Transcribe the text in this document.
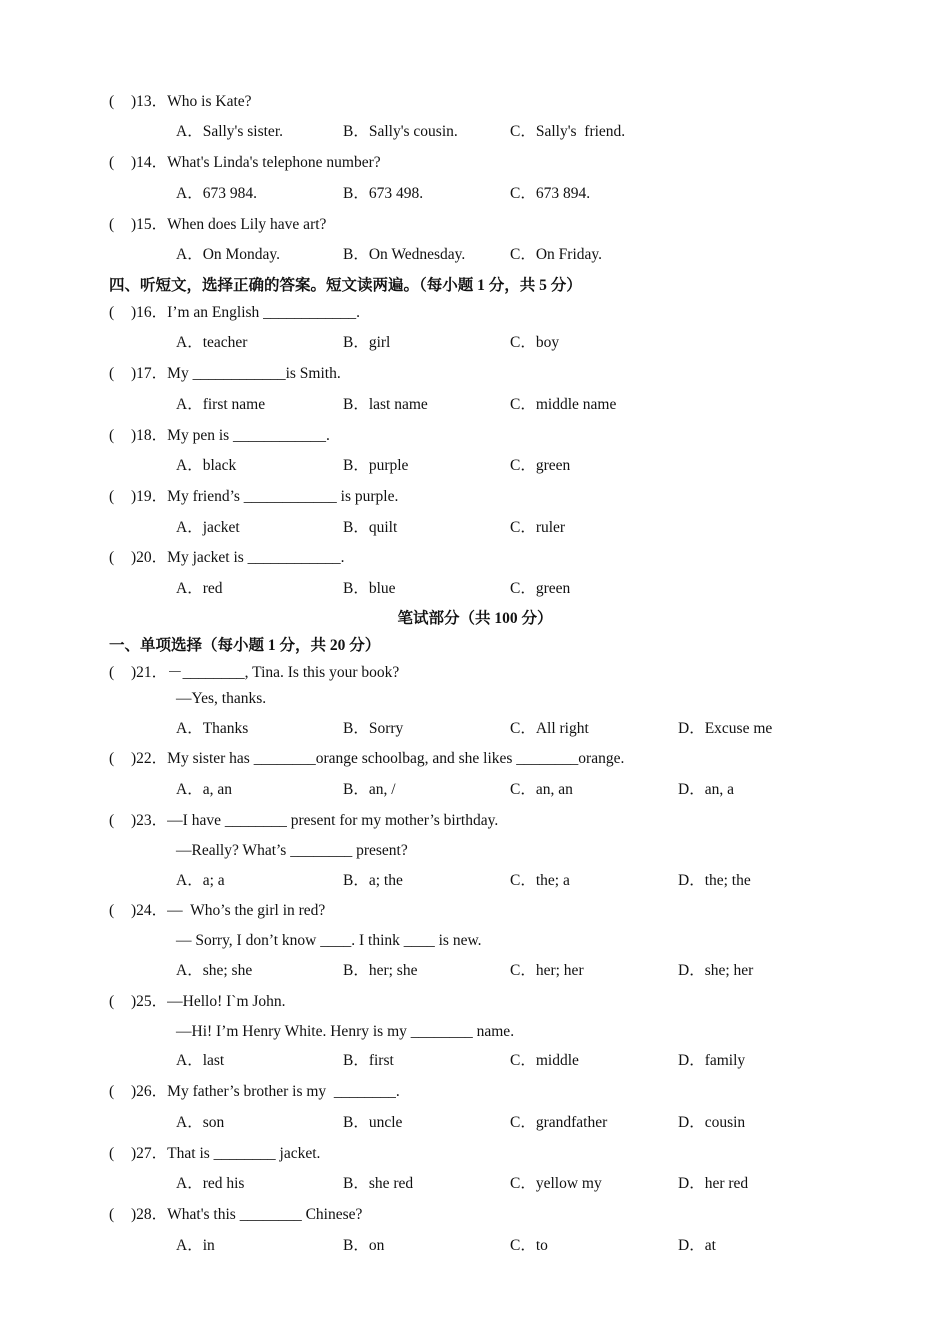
( )13．Who is Kate?
A．Sally's sister.	B．Sally's cousin.	C．Sally's  friend.
( )14．What's Linda's telephone number?
A．673 984.	B．673 498.	C．673 894.
( )15．When does Lily have art?
A．On Monday.	B．On Wednesday.	C．On Friday.
四、听短文，选择正确的答案。短文读两遍。（每小题 1 分，共 5 分）
( )16．I’m an English ____________.
A．teacher	B．girl	C．boy
( )17．My ____________is Smith.
A．first name	B．last name	C．middle name
( )18．My pen is ____________.
A．black	B．purple	C．green
( )19．My friend’s ____________ is purple.
A．jacket	B．quilt	C．ruler
( )20．My jacket is ____________.
A．red	B．blue	C．green
笔试部分（共 100 分）
一、单项选择（每小题 1 分，共 20 分）
( )21．－________, Tina. Is this your book?
—Yes, thanks.
A．Thanks	B．Sorry	C．All right	D．Excuse me
( )22．My sister has ________orange schoolbag, and she likes ________orange.
A．a, an	B．an, /	C．an, an	D．an, a
( )23．—I have ________ present for my mother’s birthday.
—Really? What’s ________ present?
A．a; a	B．a; the	C．the; a	D．the; the
( )24．—  Who’s the girl in red?
— Sorry, I don’t know ____. I think ____ is new.
A．she; she	B．her; she	C．her; her	D．she; her
( )25．—Hello! I`m John.
—Hi! I’m Henry White. Henry is my ________ name.
A．last	B．first	C．middle	D．family
( )26．My father’s brother is my  ________.
A．son	B．uncle	C．grandfather	D．cousin
( )27．That is ________ jacket.
A．red his	B．she red	C．yellow my	D．her red
( )28．What's this ________ Chinese?
A．in	B．on	C．to	D．at
